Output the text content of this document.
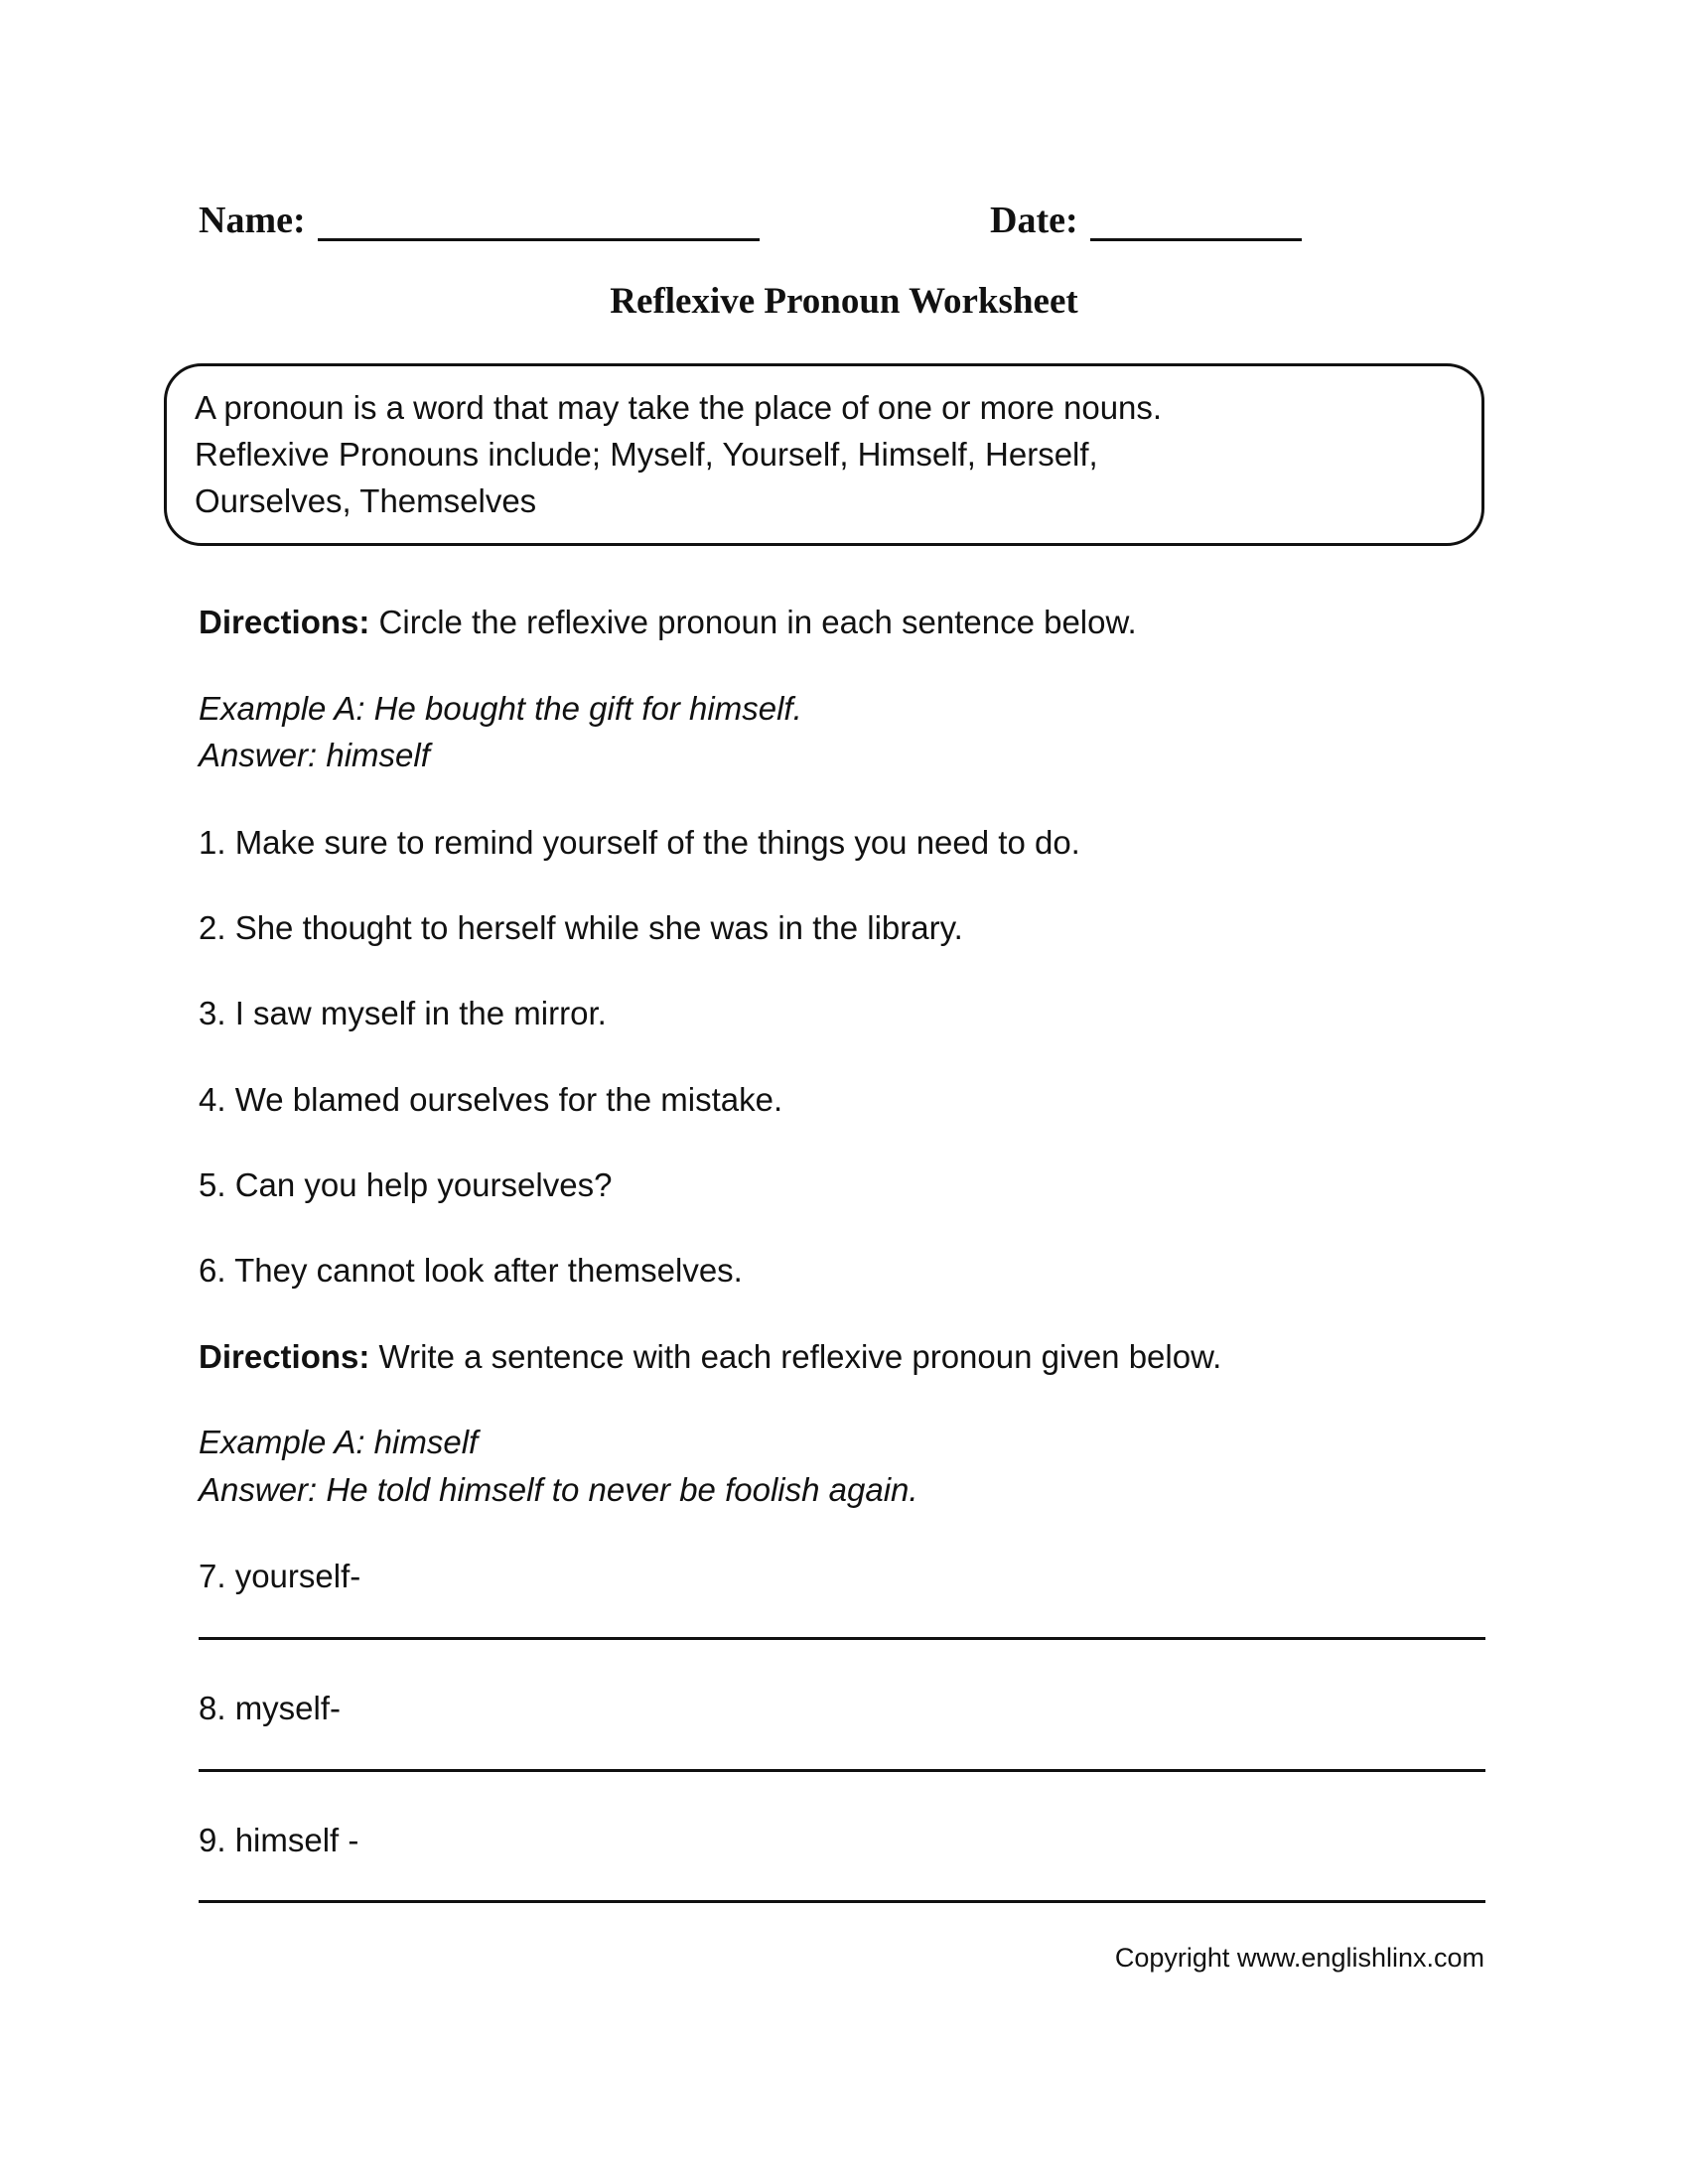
Name:	Date:
Reflexive Pronoun Worksheet
A pronoun is a word that may take the place of one or more nouns.
Reflexive Pronouns include; Myself, Yourself, Himself, Herself,
Ourselves, Themselves
Directions: Circle the reflexive pronoun in each sentence below.
Example A: He bought the gift for himself.
Answer: himself
1. Make sure to remind yourself of the things you need to do.
2. She thought to herself while she was in the library.
3. I saw myself in the mirror.
4. We blamed ourselves for the mistake.
5. Can you help yourselves?
6. They cannot look after themselves.
Directions: Write a sentence with each reflexive pronoun given below.
Example A: himself
Answer: He told himself to never be foolish again.
7. yourself-
8. myself-
9. himself -
Copyright www.englishlinx.com
